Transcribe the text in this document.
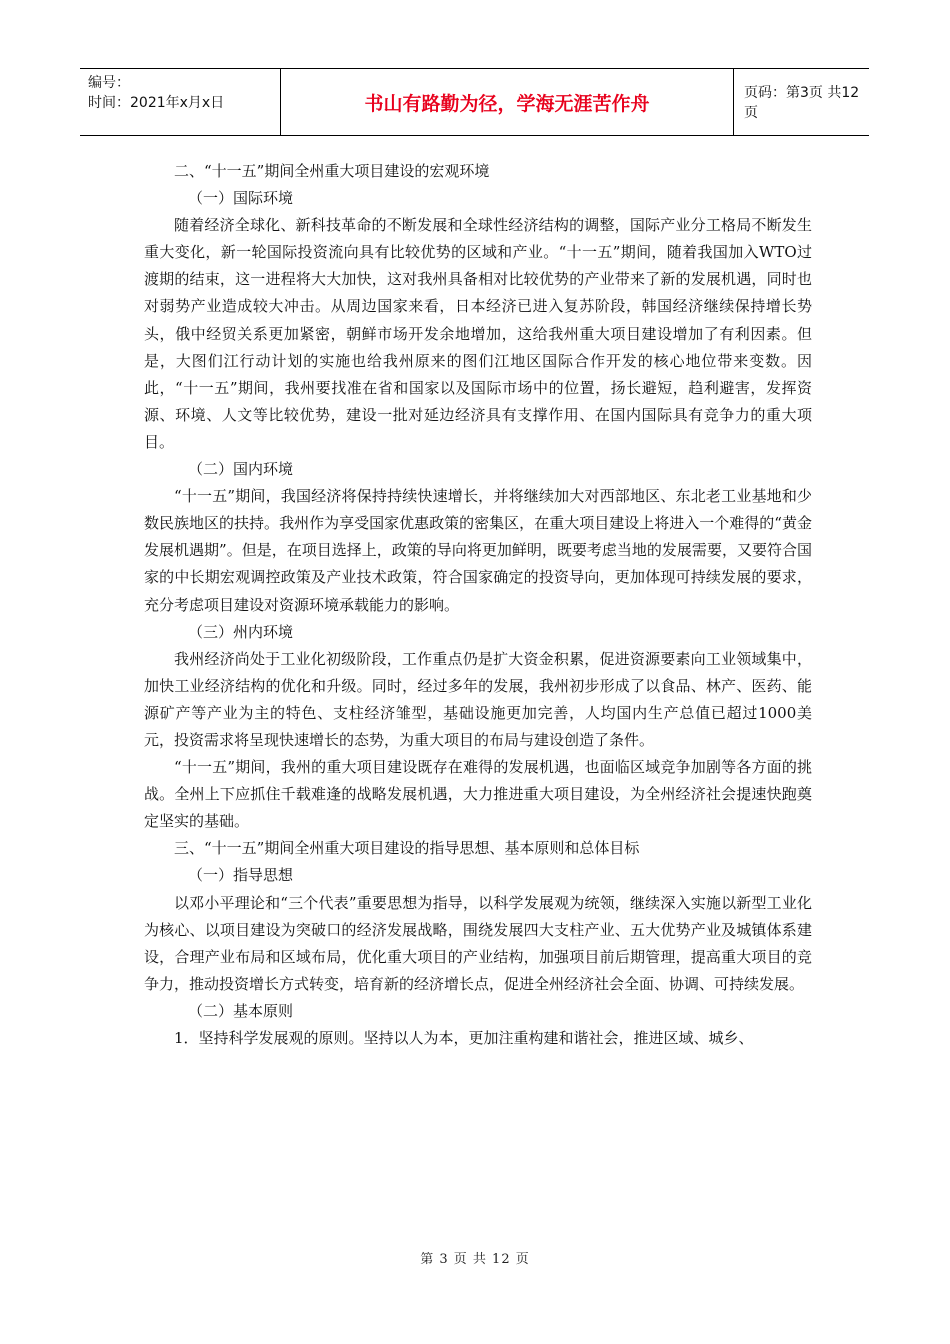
编号：
时间：2021年x月x日	书山有路勤为径，学海无涯苦作舟	页码：第3页 共12页

二、“十一五”期间全州重大项目建设的宏观环境

（一）国际环境

随着经济全球化、新科技革命的不断发展和全球性经济结构的调整，国际产业分工格局不断发生重大变化，新一轮国际投资流向具有比较优势的区域和产业。“十一五”期间，随着我国加入WTO过渡期的结束，这一进程将大大加快，这对我州具备相对比较优势的产业带来了新的发展机遇，同时也对弱势产业造成较大冲击。从周边国家来看，日本经济已进入复苏阶段，韩国经济继续保持增长势头，俄中经贸关系更加紧密，朝鲜市场开发余地增加，这给我州重大项目建设增加了有利因素。但是，大图们江行动计划的实施也给我州原来的图们江地区国际合作开发的核心地位带来变数。因此，“十一五”期间，我州要找准在省和国家以及国际市场中的位置，扬长避短，趋利避害，发挥资源、环境、人文等比较优势，建设一批对延边经济具有支撑作用、在国内国际具有竞争力的重大项目。

（二）国内环境

“十一五”期间，我国经济将保持持续快速增长，并将继续加大对西部地区、东北老工业基地和少数民族地区的扶持。我州作为享受国家优惠政策的密集区，在重大项目建设上将进入一个难得的“黄金发展机遇期”。但是，在项目选择上，政策的导向将更加鲜明，既要考虑当地的发展需要，又要符合国家的中长期宏观调控政策及产业技术政策，符合国家确定的投资导向，更加体现可持续发展的要求，充分考虑项目建设对资源环境承载能力的影响。

（三）州内环境

我州经济尚处于工业化初级阶段，工作重点仍是扩大资金积累，促进资源要素向工业领域集中，加快工业经济结构的优化和升级。同时，经过多年的发展，我州初步形成了以食品、林产、医药、能源矿产等产业为主的特色、支柱经济雏型，基础设施更加完善，人均国内生产总值已超过1000美元，投资需求将呈现快速增长的态势，为重大项目的布局与建设创造了条件。

“十一五”期间，我州的重大项目建设既存在难得的发展机遇，也面临区域竞争加剧等各方面的挑战。全州上下应抓住千载难逢的战略发展机遇，大力推进重大项目建设，为全州经济社会提速快跑奠定坚实的基础。

三、“十一五”期间全州重大项目建设的指导思想、基本原则和总体目标

（一）指导思想

以邓小平理论和“三个代表”重要思想为指导，以科学发展观为统领，继续深入实施以新型工业化为核心、以项目建设为突破口的经济发展战略，围绕发展四大支柱产业、五大优势产业及城镇体系建设，合理产业布局和区域布局，优化重大项目的产业结构，加强项目前后期管理，提高重大项目的竞争力，推动投资增长方式转变，培育新的经济增长点，促进全州经济社会全面、协调、可持续发展。

（二）基本原则

1．坚持科学发展观的原则。坚持以人为本，更加注重构建和谐社会，推进区域、城乡、

第 3 页 共 12 页
